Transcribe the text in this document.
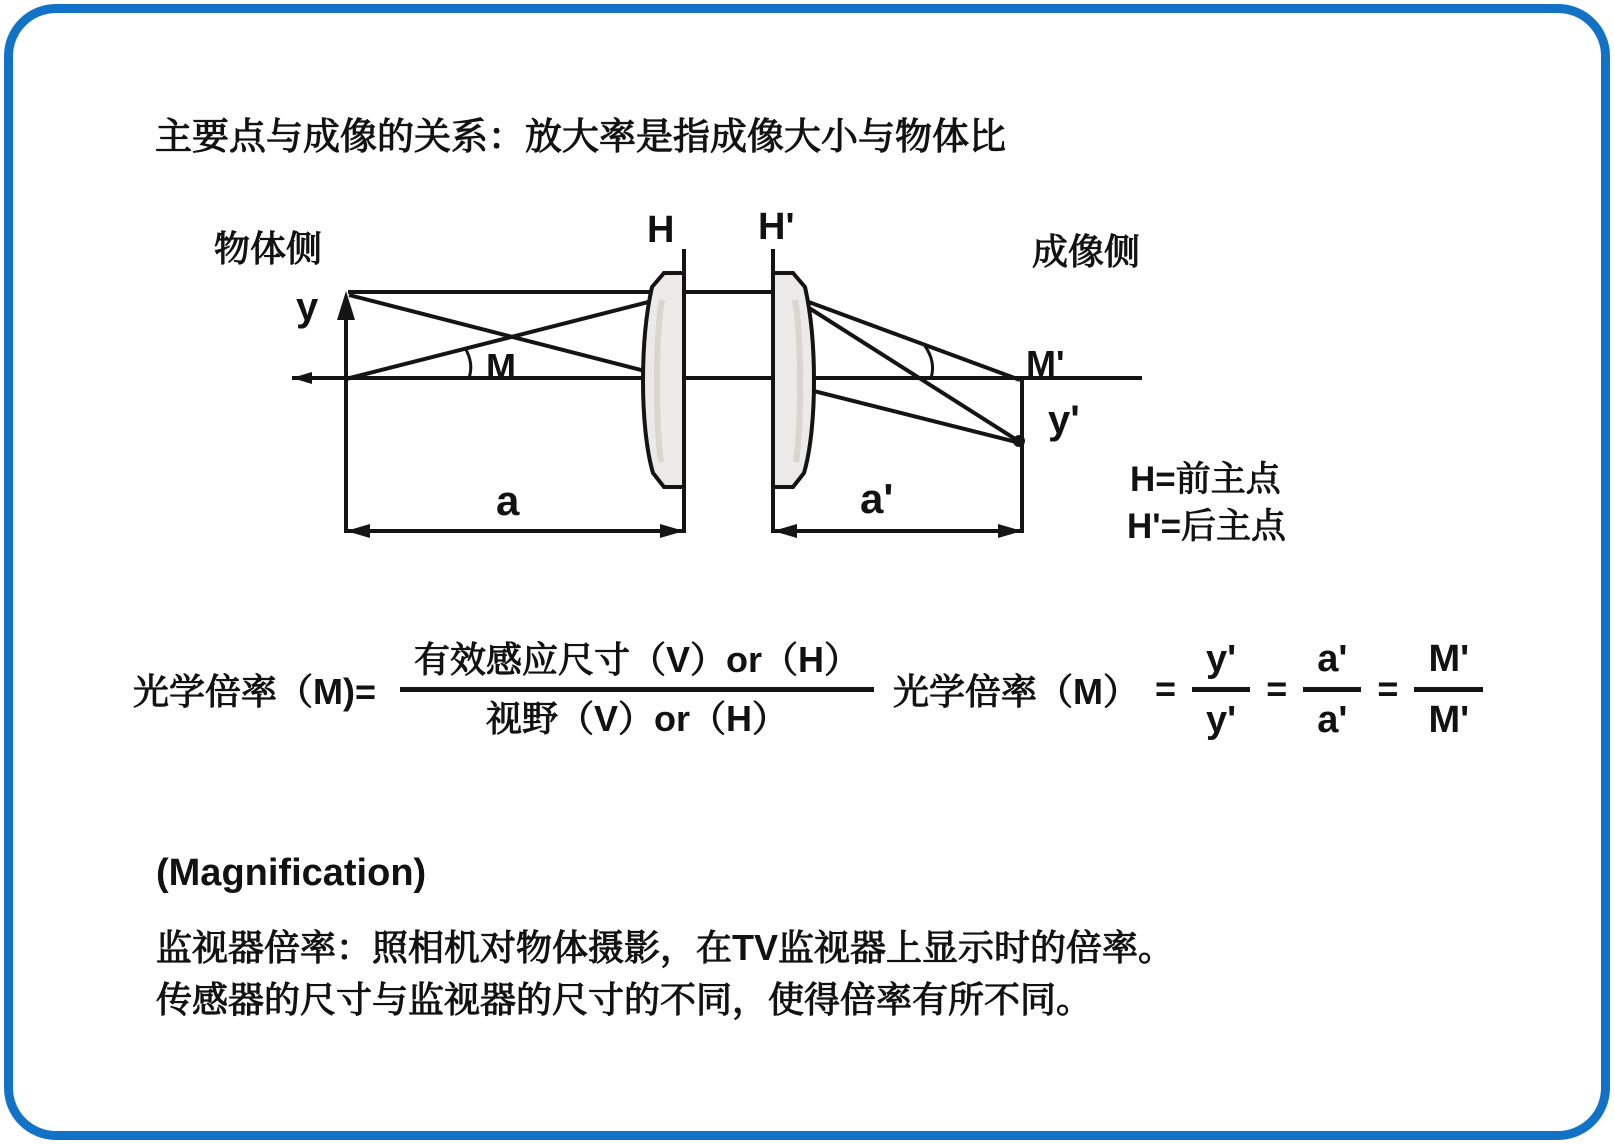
主要点与成像的关系：放大率是指成像大小与物体比
物体侧	成像侧
H H'
y
M	M'
y'
a	a'	H=前主点
H'=后主点
光学倍率$(M)= \frac{\text{有效感应尺寸（V）or（H）}}{\text{视野（V）or（H）}}$ 光学倍率$(M) = \frac{y'}{y'} = \frac{a'}{a'} = \frac{M'}{M'}$
(Magnification)
监视器倍率：照相机对物体摄影，在TV监视器上显示时的倍率。
传感器的尺寸与监视器的尺寸的不同，使得倍率有所不同。
